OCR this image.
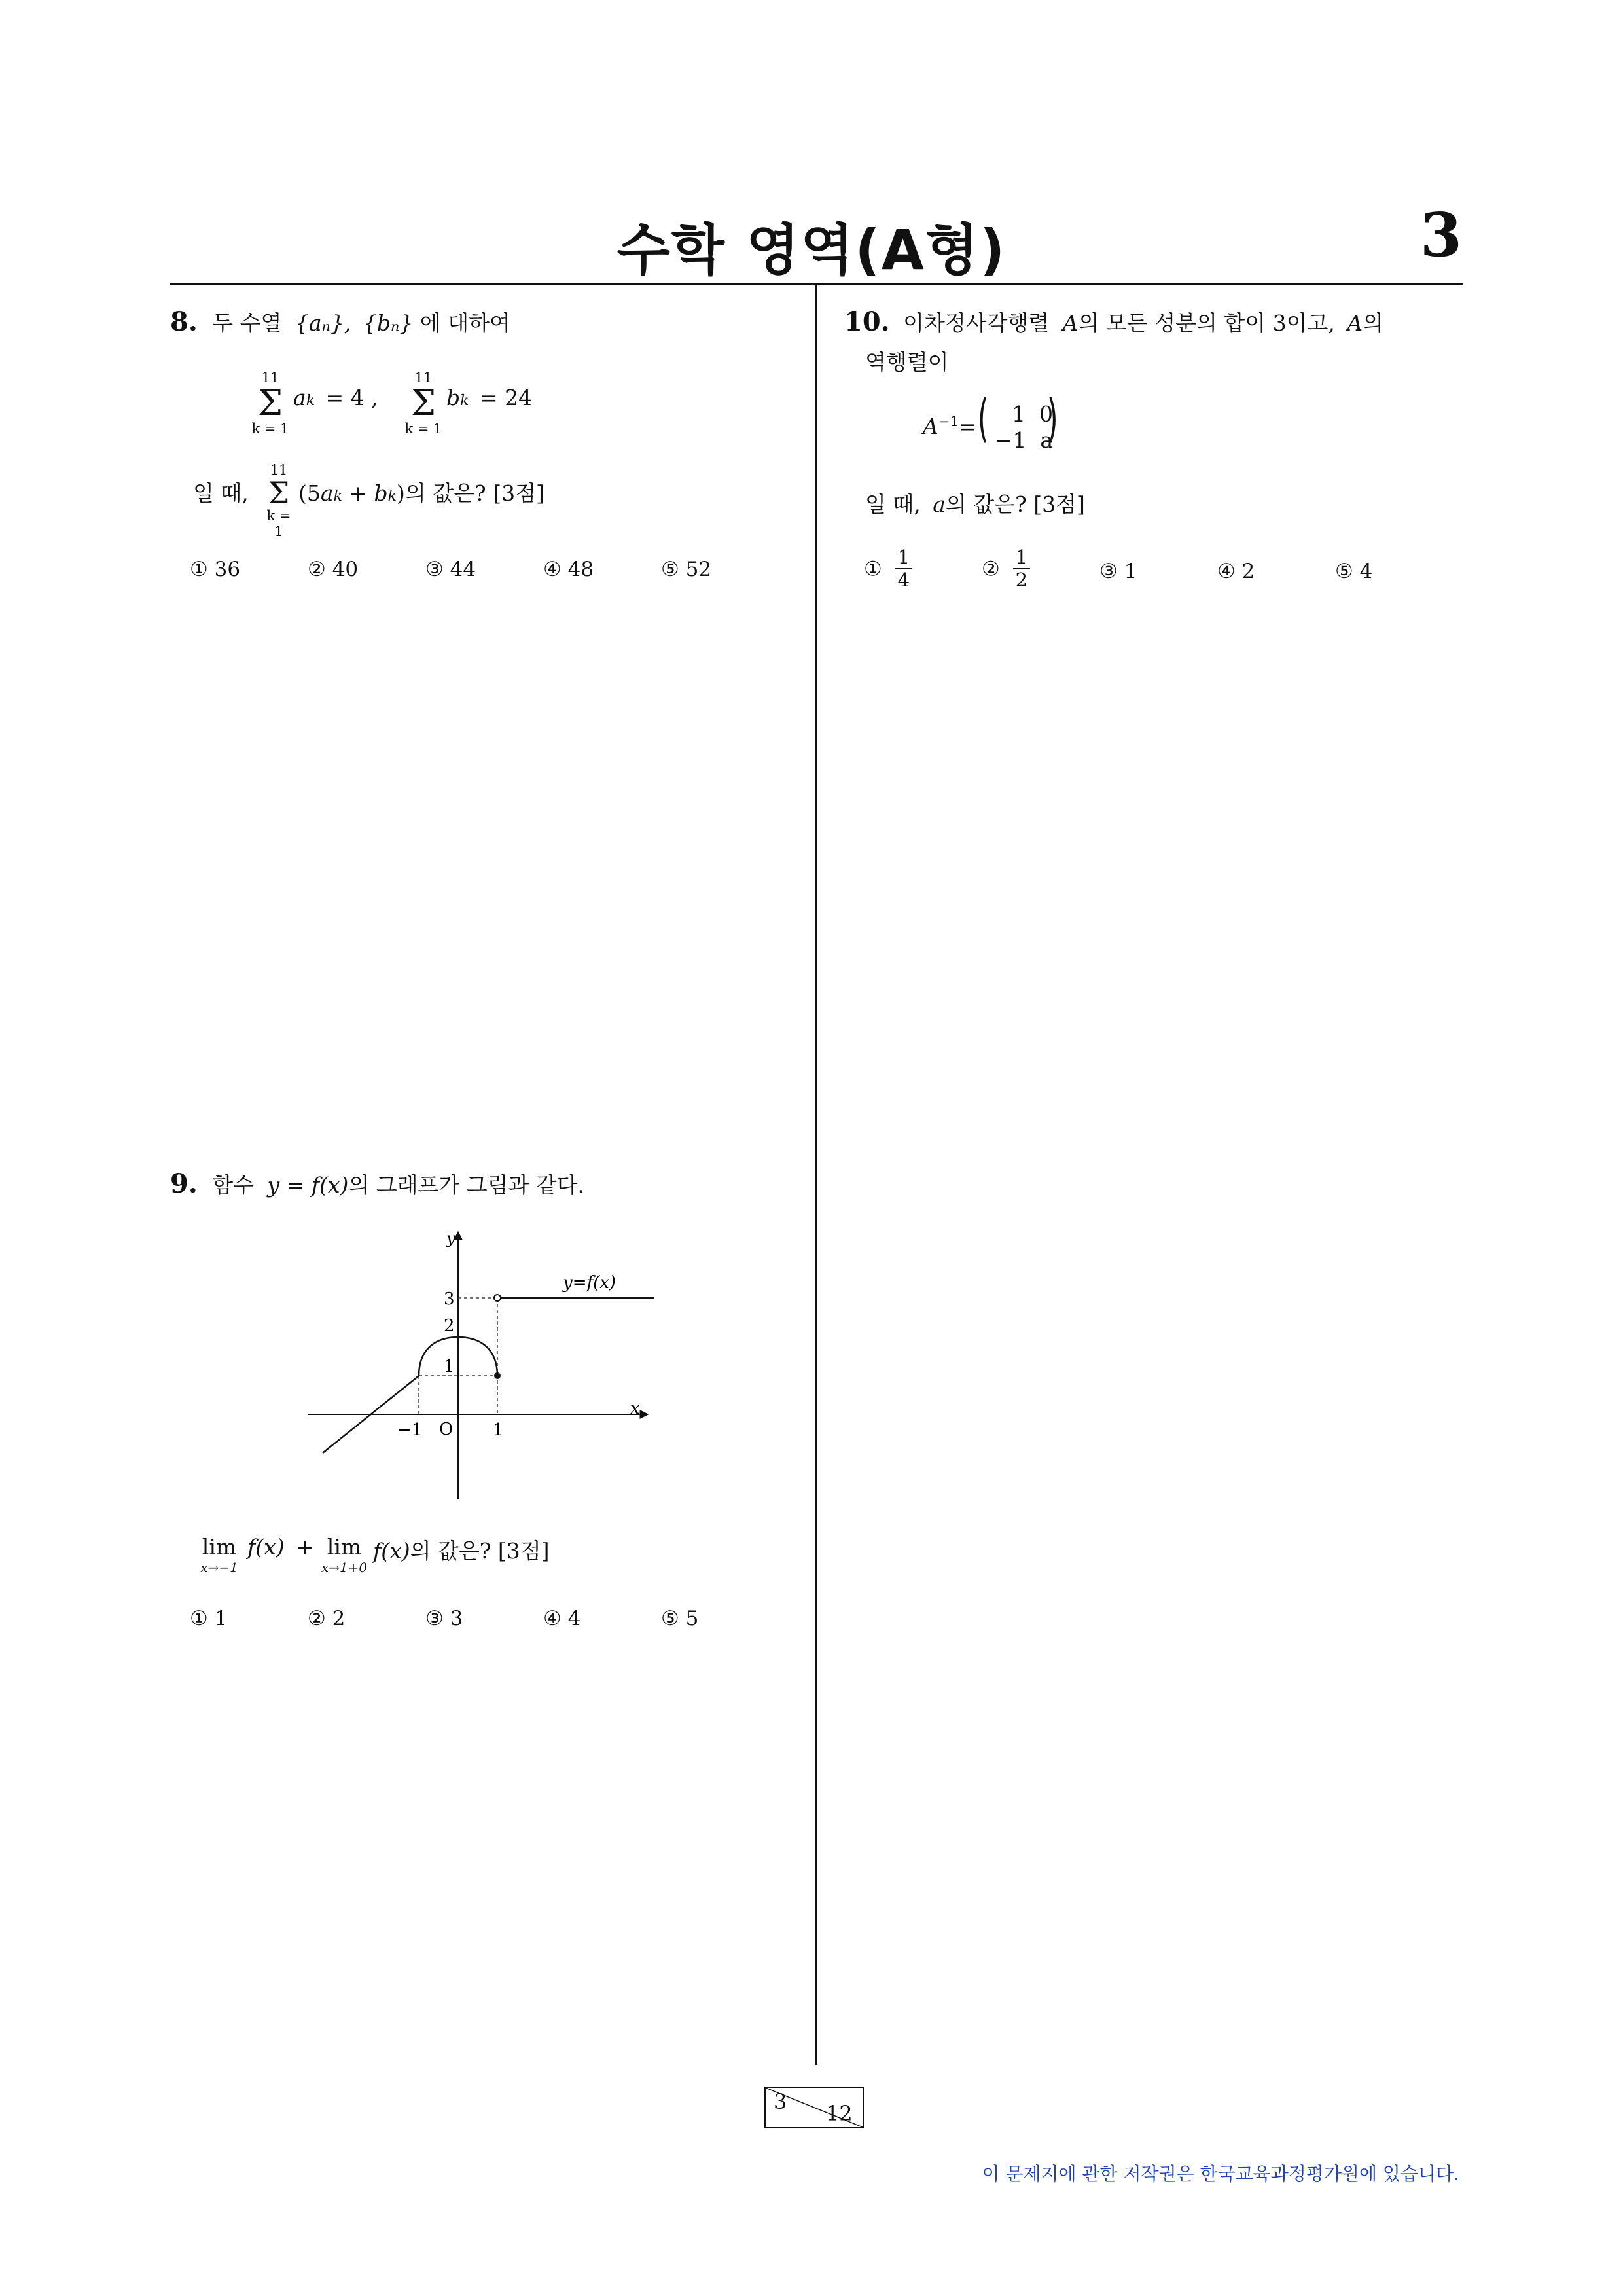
수학 영역(A형)	3
8. 두 수열 {aₙ}, {bₙ} 에 대하여
11
Σ
k = 1
ak = 4 ,
11
Σ
k = 1
bk = 24
일 때,
11
Σ
k = 1
(5ak + bk)의 값은? [3점]
① 36	② 40	③ 44	④ 48	⑤ 52
9. 함수 y = f(x)의 그래프가 그림과 같다.
y
x
y=f(x)
O
3
2
1
−1	1
lim
x→−1
f(x) + lim
x→1+0
f(x)의 값은? [3점]
① 1	② 2	③ 3	④ 4	⑤ 5
10. 이차정사각행렬 A의 모든 성분의 합이 3이고, A의
역행렬이
$A^{-1}=$ (	1  0
−1  a
)
일 때, a의 값은? [3점]
① $\frac{1}{4}$	② $\frac{1}{2}$	③ 1	④ 2	⑤ 4
3 12
이 문제지에 관한 저작권은 한국교육과정평가원에 있습니다.
